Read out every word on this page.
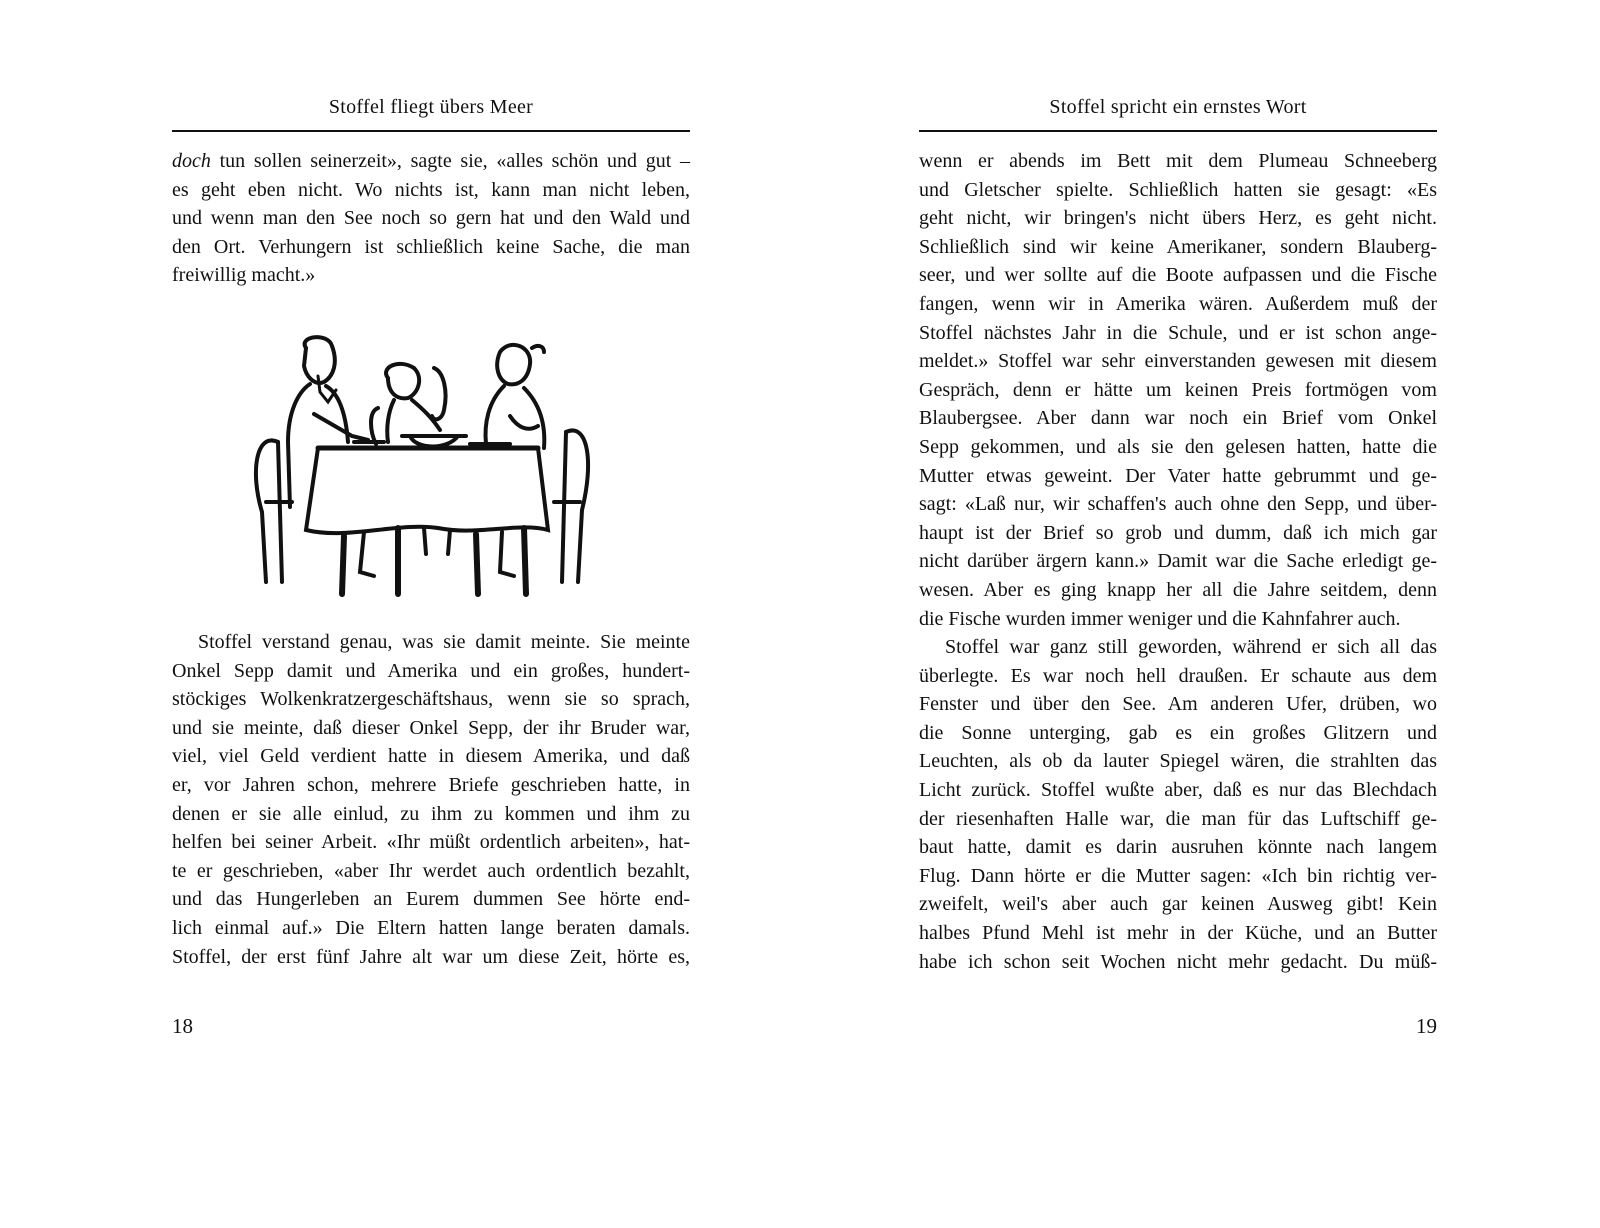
Stoffel fliegt übers Meer
doch tun sollen seinerzeit», sagte sie, «alles schön und gut –
es geht eben nicht. Wo nichts ist, kann man nicht leben,
und wenn man den See noch so gern hat und den Wald und
den Ort. Verhungern ist schließlich keine Sache, die man
freiwillig macht.»
Stoffel verstand genau, was sie damit meinte. Sie meinte
Onkel Sepp damit und Amerika und ein großes, hundert-
stöckiges Wolkenkratzergeschäftshaus, wenn sie so sprach,
und sie meinte, daß dieser Onkel Sepp, der ihr Bruder war,
viel, viel Geld verdient hatte in diesem Amerika, und daß
er, vor Jahren schon, mehrere Briefe geschrieben hatte, in
denen er sie alle einlud, zu ihm zu kommen und ihm zu
helfen bei seiner Arbeit. «Ihr müßt ordentlich arbeiten», hat-
te er geschrieben, «aber Ihr werdet auch ordentlich bezahlt,
und das Hungerleben an Eurem dummen See hörte end-
lich einmal auf.» Die Eltern hatten lange beraten damals.
Stoffel, der erst fünf Jahre alt war um diese Zeit, hörte es,
18
Stoffel spricht ein ernstes Wort
wenn er abends im Bett mit dem Plumeau Schneeberg
und Gletscher spielte. Schließlich hatten sie gesagt: «Es
geht nicht, wir bringen's nicht übers Herz, es geht nicht.
Schließlich sind wir keine Amerikaner, sondern Blauberg-
seer, und wer sollte auf die Boote aufpassen und die Fische
fangen, wenn wir in Amerika wären. Außerdem muß der
Stoffel nächstes Jahr in die Schule, und er ist schon ange-
meldet.» Stoffel war sehr einverstanden gewesen mit diesem
Gespräch, denn er hätte um keinen Preis fortmögen vom
Blaubergsee. Aber dann war noch ein Brief vom Onkel
Sepp gekommen, und als sie den gelesen hatten, hatte die
Mutter etwas geweint. Der Vater hatte gebrummt und ge-
sagt: «Laß nur, wir schaffen's auch ohne den Sepp, und über-
haupt ist der Brief so grob und dumm, daß ich mich gar
nicht darüber ärgern kann.» Damit war die Sache erledigt ge-
wesen. Aber es ging knapp her all die Jahre seitdem, denn
die Fische wurden immer weniger und die Kahnfahrer auch.
Stoffel war ganz still geworden, während er sich all das
überlegte. Es war noch hell draußen. Er schaute aus dem
Fenster und über den See. Am anderen Ufer, drüben, wo
die Sonne unterging, gab es ein großes Glitzern und
Leuchten, als ob da lauter Spiegel wären, die strahlten das
Licht zurück. Stoffel wußte aber, daß es nur das Blechdach
der riesenhaften Halle war, die man für das Luftschiff ge-
baut hatte, damit es darin ausruhen könnte nach langem
Flug. Dann hörte er die Mutter sagen: «Ich bin richtig ver-
zweifelt, weil's aber auch gar keinen Ausweg gibt! Kein
halbes Pfund Mehl ist mehr in der Küche, und an Butter
habe ich schon seit Wochen nicht mehr gedacht. Du müß-
19
